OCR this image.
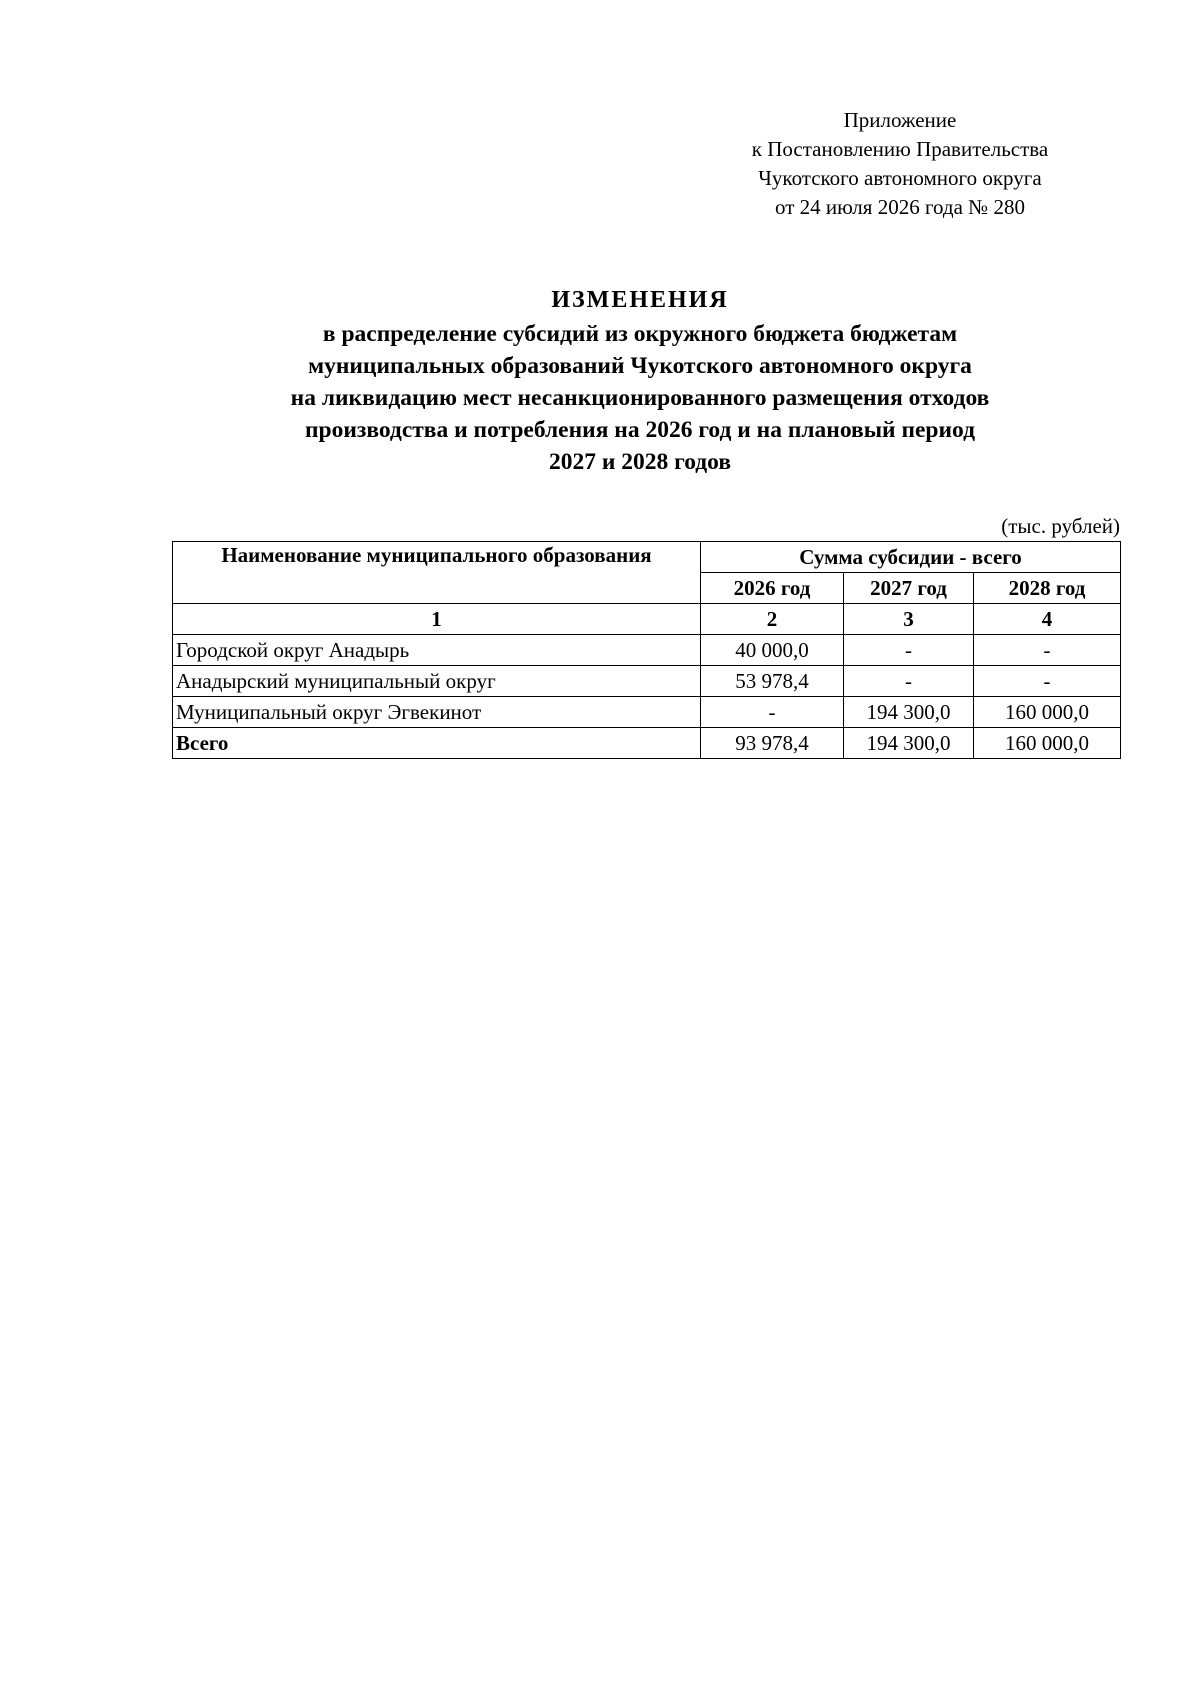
Приложение
к Постановлению Правительства
Чукотского автономного округа
от 24 июля 2026 года № 280
ИЗМЕНЕНИЯ
в распределение субсидий из окружного бюджета бюджетам
муниципальных образований Чукотского автономного округа
на ликвидацию мест несанкционированного размещения отходов
производства и потребления на 2026 год и на плановый период
2027 и 2028 годов
(тыс. рублей)
Наименование муниципального образования	Сумма субсидии - всего		
	2026 год	2027 год	2028 год
1	2	3	4
Городской округ Анадырь	40 000,0	-	-
Анадырский муниципальный округ	53 978,4	-	-
Муниципальный округ Эгвекинот	-	194 300,0	160 000,0
Всего	93 978,4	194 300,0	160 000,0
